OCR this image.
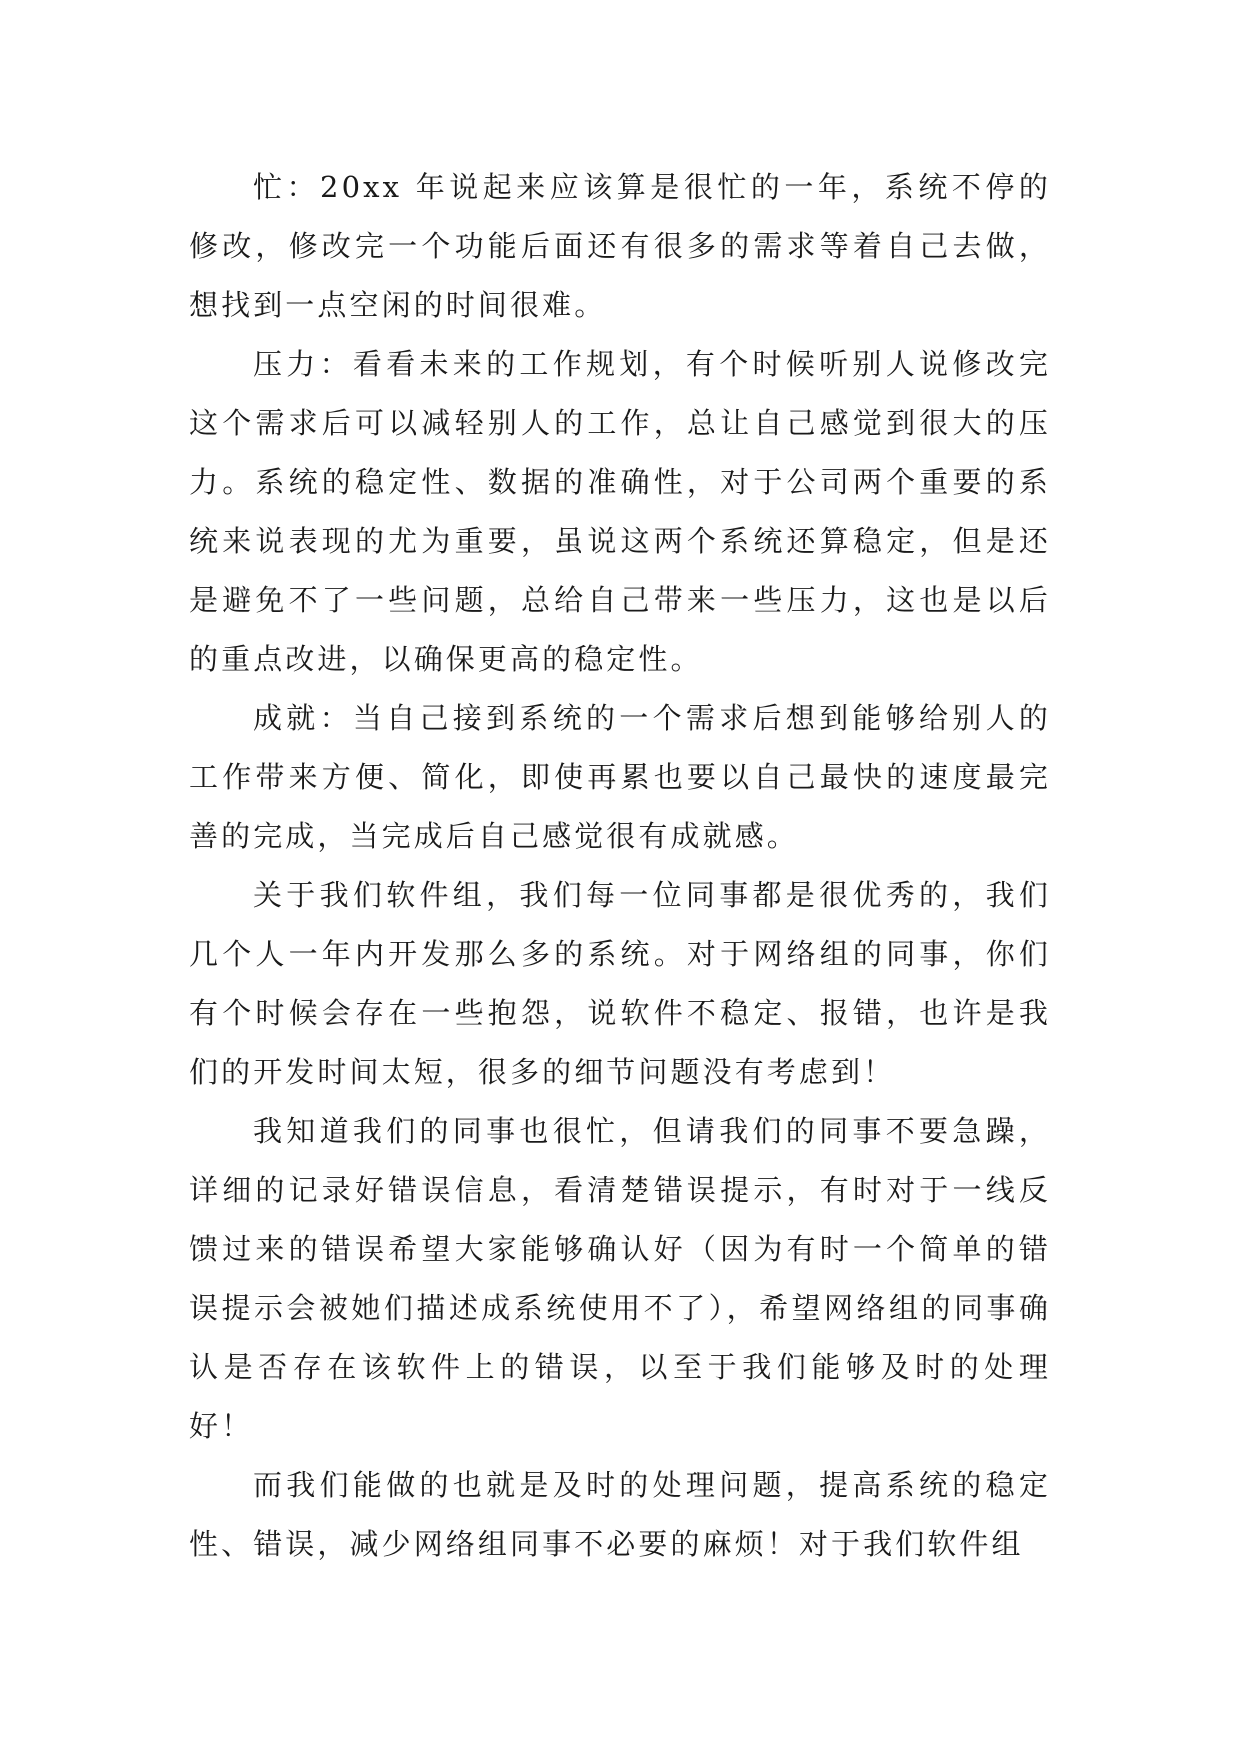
忙：20xx 年说起来应该算是很忙的一年，系统不停的修改，修改完一个功能后面还有很多的需求等着自己去做，想找到一点空闲的时间很难。

压力：看看未来的工作规划，有个时候听别人说修改完这个需求后可以减轻别人的工作，总让自己感觉到很大的压力。系统的稳定性、数据的准确性，对于公司两个重要的系统来说表现的尤为重要，虽说这两个系统还算稳定，但是还是避免不了一些问题，总给自己带来一些压力，这也是以后的重点改进，以确保更高的稳定性。

成就：当自己接到系统的一个需求后想到能够给别人的工作带来方便、简化，即使再累也要以自己最快的速度最完善的完成，当完成后自己感觉很有成就感。

关于我们软件组，我们每一位同事都是很优秀的，我们几个人一年内开发那么多的系统。对于网络组的同事，你们有个时候会存在一些抱怨，说软件不稳定、报错，也许是我们的开发时间太短，很多的细节问题没有考虑到！

我知道我们的同事也很忙，但请我们的同事不要急躁，详细的记录好错误信息，看清楚错误提示，有时对于一线反馈过来的错误希望大家能够确认好（因为有时一个简单的错误提示会被她们描述成系统使用不了），希望网络组的同事确认是否存在该软件上的错误，以至于我们能够及时的处理好！

而我们能做的也就是及时的处理问题，提高系统的稳定性、错误，减少网络组同事不必要的麻烦！对于我们软件组
